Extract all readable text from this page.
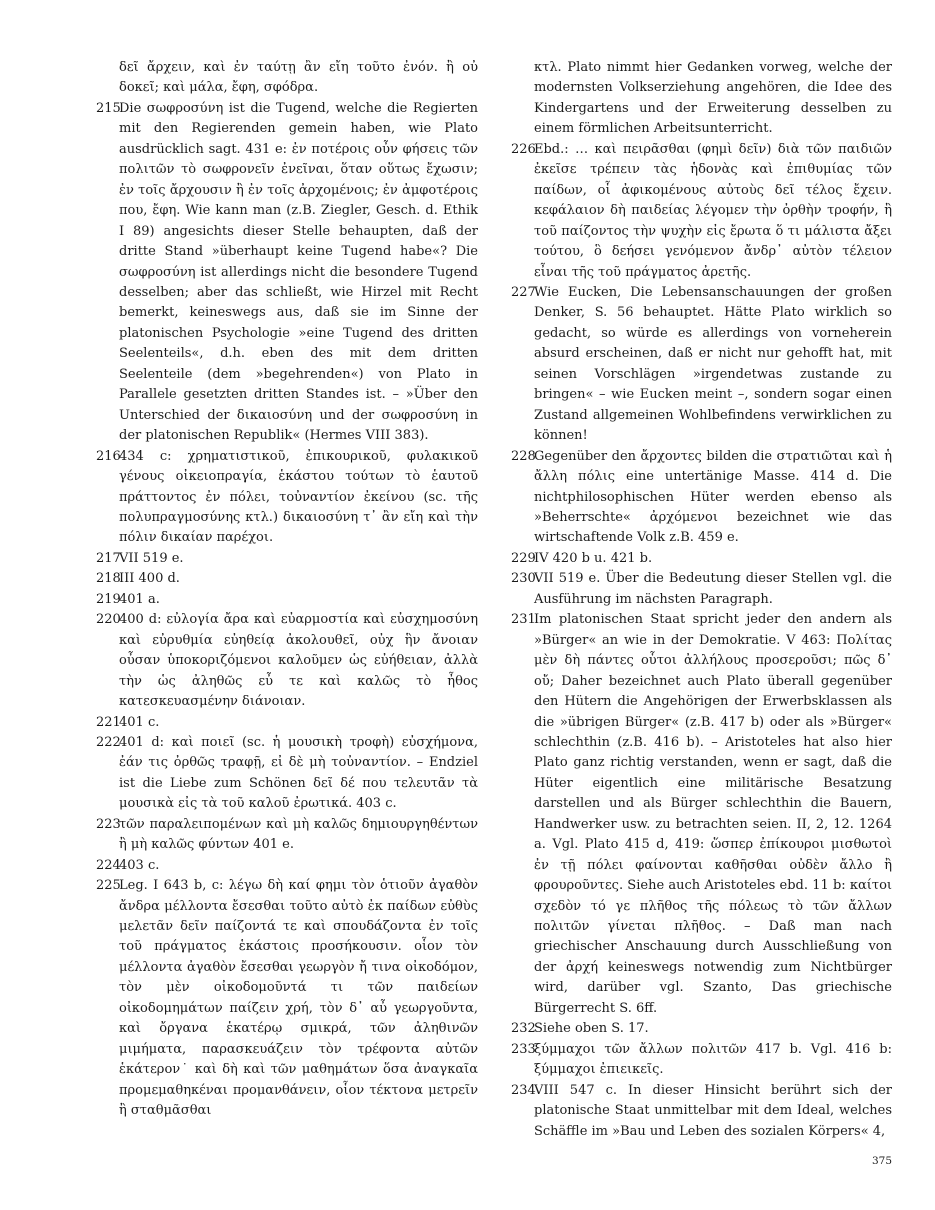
δεῖ ἄρχειν, καὶ ἐν ταύτῃ ἂν εἴη τοῦτο ἐνόν. ἢ οὐ δοκεῖ; καὶ μάλα, ἔφη, σφόδρα.

215
Die σωφροσύνη ist die Tugend, welche die Regierten mit den Regierenden gemein haben, wie Plato ausdrücklich sagt. 431 e: ἐν ποτέροις οὖν φήσεις τῶν πολιτῶν τὸ σωφρονεῖν ἐνεῖναι, ὅταν οὕτως ἔχωσιν; ἐν τοῖς ἄρχουσιν ἢ ἐν τοῖς ἀρχομένοις; ἐν ἀμφοτέροις που, ἔφη. Wie kann man (z.B. Ziegler, Gesch. d. Ethik I 89) angesichts dieser Stelle behaupten, daß der dritte Stand »überhaupt keine Tugend habe«? Die σωφροσύνη ist allerdings nicht die besondere Tugend desselben; aber das schließt, wie Hirzel mit Recht bemerkt, keineswegs aus, daß sie im Sinne der platonischen Psychologie »eine Tugend des dritten Seelenteils«, d.h. eben des mit dem dritten Seelenteile (dem »begehrenden«) von Plato in Parallele gesetzten dritten Standes ist. – »Über den Unterschied der δικαιοσύνη und der σωφροσύνη in der platonischen Republik« (Hermes VIII 383).

216
434 c: χρηματιστικοῦ, ἐπικουρικοῦ, φυλακικοῦ γένους οἰκειοπραγία, ἑκάστου τούτων τὸ ἑαυτοῦ πράττοντος ἐν πόλει, τοὐναντίον ἐκείνου (sc. τῆς πολυπραγμοσύνης κτλ.) δικαιοσύνη τ᾽ ἂν εἴη καὶ τὴν πόλιν δικαίαν παρέχοι.

217
VII 519 e.

218
III 400 d.

219
401 a.

220
400 d: εὐλογία ἄρα καὶ εὐαρμοστία καὶ εὐσχημοσύνη καὶ εὐρυθμία εὐηθείᾳ ἀκολουθεῖ, οὐχ ἣν ἄνοιαν οὖσαν ὑποκοριζόμενοι καλοῦμεν ὡς εὐήθειαν, ἀλλὰ τὴν ὡς ἀληθῶς εὖ τε καὶ καλῶς τὸ ἦθος κατεσκευασμένην διάνοιαν.

221
401 c.

222
401 d: καὶ ποιεῖ (sc. ἡ μουσικὴ τροφὴ) εὐσχήμονα, ἐάν τις ὀρθῶς τραφῇ, εἰ δὲ μὴ τοὐναντίον. – Endziel ist die Liebe zum Schönen δεῖ δέ που τελευτᾶν τὰ μουσικὰ εἰς τὰ τοῦ καλοῦ ἐρωτικά. 403 c.

223
τῶν παραλειπομένων καὶ μὴ καλῶς δημιουργηθέντων ἢ μὴ καλῶς φύντων 401 e.

224
403 c.

225
Leg. I 643 b, c: λέγω δὴ καί φημι τὸν ὁτιοῦν ἀγαθὸν ἄνδρα μέλλοντα ἔσεσθαι τοῦτο αὐτὸ ἐκ παίδων εὐθὺς μελετᾶν δεῖν παίζοντά τε καὶ σπουδάζοντα ἐν τοῖς τοῦ πράγματος ἑκάστοις προσήκουσιν. οἷον τὸν μέλλοντα ἀγαθὸν ἔσεσθαι γεωργὸν ἤ τινα οἰκοδόμον, τὸν μὲν οἰκοδομοῦντά τι τῶν παιδείων οἰκοδομημάτων παίζειν χρή, τὸν δ᾽ αὖ γεωργοῦντα, καὶ ὄργανα ἑκατέρῳ σμικρά, τῶν ἀληθινῶν μιμήματα, παρασκευάζειν τὸν τρέφοντα αὐτῶν ἑκάτερον˙ καὶ δὴ καὶ τῶν μαθημάτων ὅσα ἀναγκαῖα προμεμαθηκέναι προμανθάνειν, οἷον τέκτονα μετρεῖν ἢ σταθμᾶσθαι

κτλ. Plato nimmt hier Gedanken vorweg, welche der modernsten Volkserziehung angehören, die Idee des Kindergartens und der Erweiterung desselben zu einem förmlichen Arbeitsunterricht.

226
Ebd.: … καὶ πειρᾶσθαι (φημὶ δεῖν) διὰ τῶν παιδιῶν ἐκεῖσε τρέπειν τὰς ἡδονὰς καὶ ἐπιθυμίας τῶν παίδων, οἷ ἀφικομένους αὐτοὺς δεῖ τέλος ἔχειν. κεφάλαιον δὴ παιδείας λέγομεν τὴν ὀρθὴν τροφήν, ἣ τοῦ παίζοντος τὴν ψυχὴν εἰς ἔρωτα ὅ τι μάλιστα ἄξει τούτου, ὃ δεήσει γενόμενον ἄνδρ᾽ αὐτὸν τέλειον εἶναι τῆς τοῦ πράγματος ἀρετῆς.

227
Wie Eucken, Die Lebensanschauungen der großen Denker, S. 56 behauptet. Hätte Plato wirklich so gedacht, so würde es allerdings von vorneherein absurd erscheinen, daß er nicht nur gehofft hat, mit seinen Vorschlägen »irgendetwas zustande zu bringen« – wie Eucken meint –, sondern sogar einen Zustand allgemeinen Wohlbefindens verwirklichen zu können!

228
Gegenüber den ἄρχοντες bilden die στρατιῶται καὶ ἡ ἄλλη πόλις eine untertänige Masse. 414 d. Die nichtphilosophischen Hüter werden ebenso als »Beherrschte« ἀρχόμενοι bezeichnet wie das wirtschaftende Volk z.B. 459 e.

229
IV 420 b u. 421 b.

230
VII 519 e. Über die Bedeutung dieser Stellen vgl. die Ausführung im nächsten Paragraph.

231
Im platonischen Staat spricht jeder den andern als »Bürger« an wie in der Demokratie. V 463: Πολίτας μὲν δὴ πάντες οὗτοι ἀλλήλους προσεροῦσι; πῶς δ᾽ οὔ; Daher bezeichnet auch Plato überall gegenüber den Hütern die Angehörigen der Erwerbsklassen als die »übrigen Bürger« (z.B. 417 b) oder als »Bürger« schlechthin (z.B. 416 b). – Aristoteles hat also hier Plato ganz richtig verstanden, wenn er sagt, daß die Hüter eigentlich eine militärische Besatzung darstellen und als Bürger schlechthin die Bauern, Handwerker usw. zu betrachten seien. II, 2, 12. 1264 a. Vgl. Plato 415 d, 419: ὥσπερ ἐπίκουροι μισθωτοὶ ἐν τῇ πόλει φαίνονται καθῆσθαι οὐδὲν ἄλλο ἢ φρουροῦντες. Siehe auch Aristoteles ebd. 11 b: καίτοι σχεδὸν τό γε πλῆθος τῆς πόλεως τὸ τῶν ἄλλων πολιτῶν γίνεται πλῆθος. – Daß man nach griechischer Anschauung durch Ausschließung von der ἀρχή keineswegs notwendig zum Nichtbürger wird, darüber vgl. Szanto, Das griechische Bürgerrecht S. 6ff.

232
Siehe oben S. 17.

233
ξύμμαχοι τῶν ἄλλων πολιτῶν 417 b. Vgl. 416 b: ξύμμαχοι ἐπιεικεῖς.

234
VIII 547 c. In dieser Hinsicht berührt sich der platonische Staat unmittelbar mit dem Ideal, welches Schäffle im »Bau und Leben des sozialen Körpers« 4,

375
